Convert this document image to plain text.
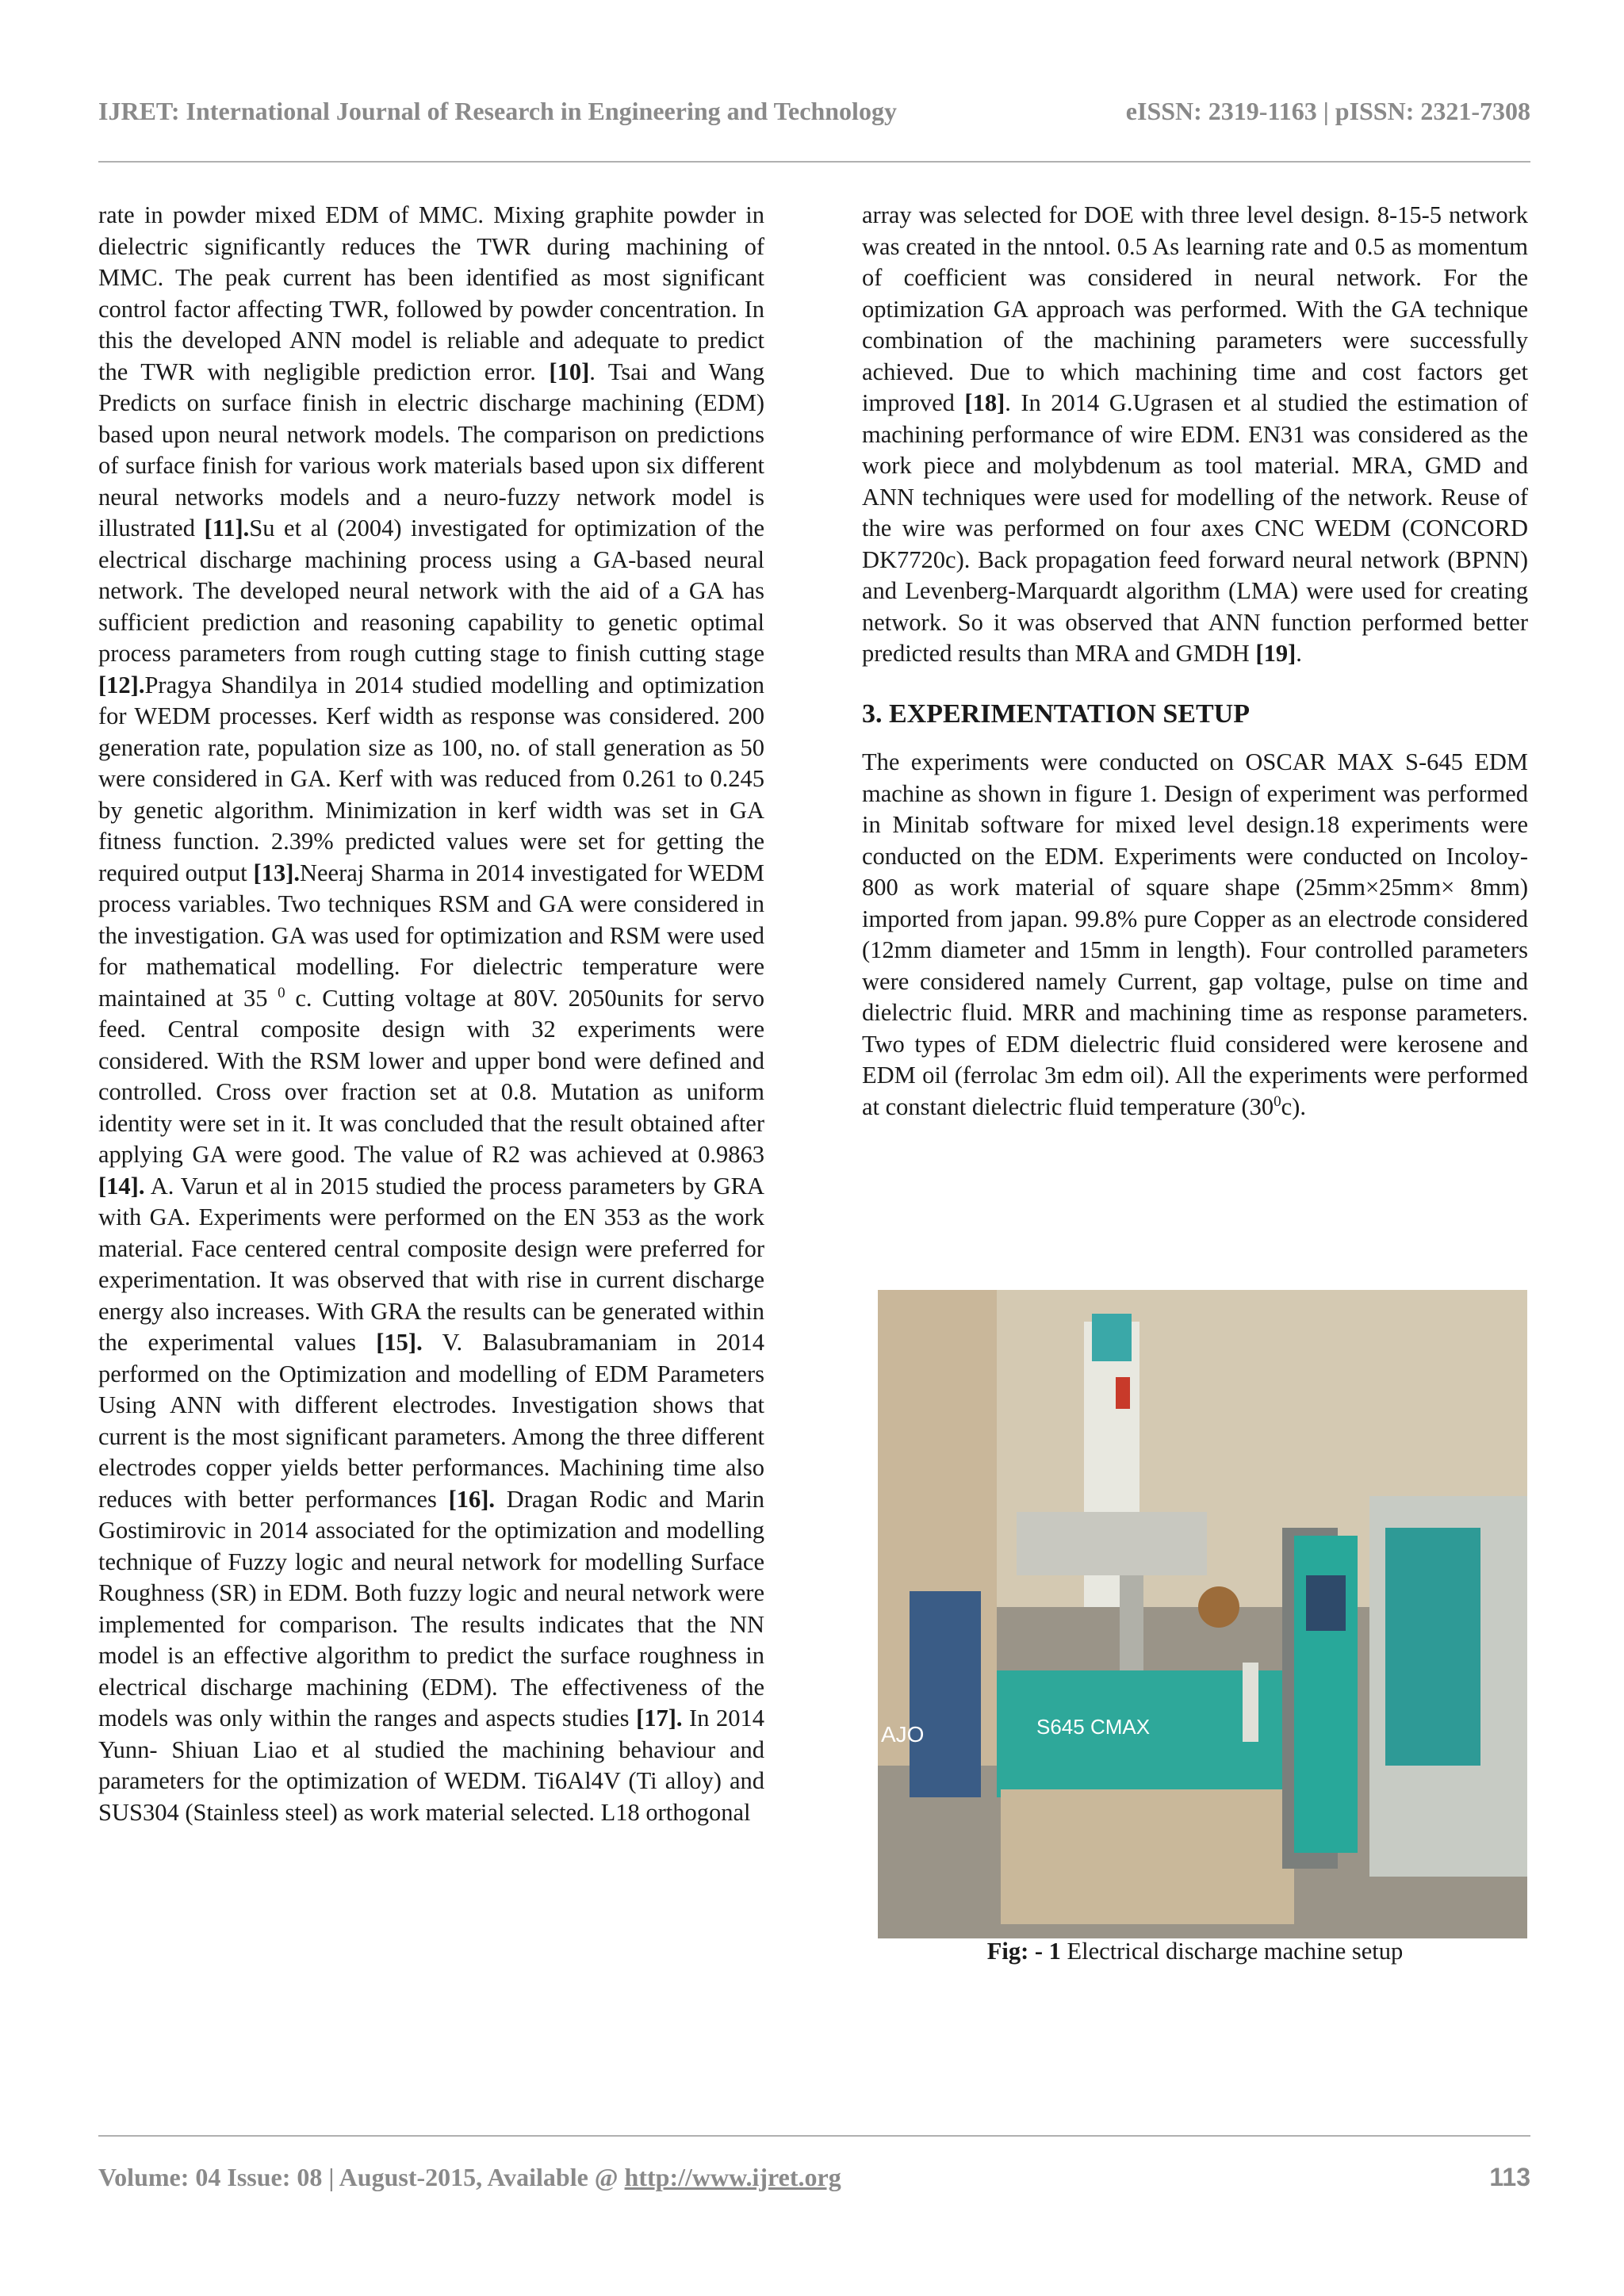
IJRET: International Journal of Research in Engineering and Technology	eISSN: 2319-1163 | pISSN: 2321-7308

rate in powder mixed EDM of MMC. Mixing graphite powder in dielectric significantly reduces the TWR during machining of MMC. The peak current has been identified as most significant control factor affecting TWR, followed by powder concentration. In this the developed ANN model is reliable and adequate to predict the TWR with negligible prediction error. [10]. Tsai and Wang Predicts on surface finish in electric discharge machining (EDM) based upon neural network models. The comparison on predictions of surface finish for various work materials based upon six different neural networks models and a neuro-fuzzy network model is illustrated [11].Su et al (2004) investigated for optimization of the electrical discharge machining process using a GA-based neural network. The developed neural network with the aid of a GA has sufficient prediction and reasoning capability to genetic optimal process parameters from rough cutting stage to finish cutting stage [12].Pragya Shandilya in 2014 studied modelling and optimization for WEDM processes. Kerf width as response was considered. 200 generation rate, population size as 100, no. of stall generation as 50 were considered in GA. Kerf with was reduced from 0.261 to 0.245 by genetic algorithm. Minimization in kerf width was set in GA fitness function. 2.39% predicted values were set for getting the required output [13].Neeraj Sharma in 2014 investigated for WEDM process variables. Two techniques RSM and GA were considered in the investigation. GA was used for optimization and RSM were used for mathematical modelling. For dielectric temperature were maintained at 35 $^0$ c. Cutting voltage at 80V. 2050units for servo feed. Central composite design with 32 experiments were considered. With the RSM lower and upper bond were defined and controlled. Cross over fraction set at 0.8. Mutation as uniform identity were set in it. It was concluded that the result obtained after applying GA were good. The value of R2 was achieved at 0.9863 [14]. A. Varun et al in 2015 studied the process parameters by GRA with GA. Experiments were performed on the EN 353 as the work material. Face centered central composite design were preferred for experimentation. It was observed that with rise in current discharge energy also increases. With GRA the results can be generated within the experimental values [15]. V. Balasubramaniam in 2014 performed on the Optimization and modelling of EDM Parameters Using ANN with different electrodes. Investigation shows that current is the most significant parameters. Among the three different electrodes copper yields better performances. Machining time also reduces with better performances [16]. Dragan Rodic and Marin Gostimirovic in 2014 associated for the optimization and modelling technique of Fuzzy logic and neural network for modelling Surface Roughness (SR) in EDM. Both fuzzy logic and neural network were implemented for comparison. The results indicates that the NN model is an effective algorithm to predict the surface roughness in electrical discharge machining (EDM). The effectiveness of the models was only within the ranges and aspects studies [17]. In 2014 Yunn- Shiuan Liao et al studied the machining behaviour and parameters for the optimization of WEDM. Ti6Al4V (Ti alloy) and SUS304 (Stainless steel) as work material selected. L18 orthogonal

array was selected for DOE with three level design. 8-15-5 network was created in the nntool. 0.5 As learning rate and 0.5 as momentum of coefficient was considered in neural network. For the optimization GA approach was performed. With the GA technique combination of the machining parameters were successfully achieved. Due to which machining time and cost factors get improved [18]. In 2014 G.Ugrasen et al studied the estimation of machining performance of wire EDM. EN31 was considered as the work piece and molybdenum as tool material. MRA, GMD and ANN techniques were used for modelling of the network. Reuse of the wire was performed on four axes CNC WEDM (CONCORD DK7720c). Back propagation feed forward neural network (BPNN) and Levenberg-Marquardt algorithm (LMA) were used for creating network. So it was observed that ANN function performed better predicted results than MRA and GMDH [19].

3. EXPERIMENTATION SETUP

The experiments were conducted on OSCAR MAX S-645 EDM machine as shown in figure 1. Design of experiment was performed in Minitab software for mixed level design.18 experiments were conducted on the EDM. Experiments were conducted on Incoloy-800 as work material of square shape (25mm×25mm× 8mm) imported from japan. 99.8% pure Copper as an electrode considered (12mm diameter and 15mm in length). Four controlled parameters were considered namely Current, gap voltage, pulse on time and dielectric fluid. MRR and machining time as response parameters. Two types of EDM dielectric fluid considered were kerosene and EDM oil (ferrolac 3m edm oil). All the experiments were performed at constant dielectric fluid temperature $(30^0c)$.

S645 CMAX
AJO
Fig: - 1 Electrical discharge machine setup
Volume: 04 Issue: 08 | August-2015, Available @ http://www.ijret.org	113
